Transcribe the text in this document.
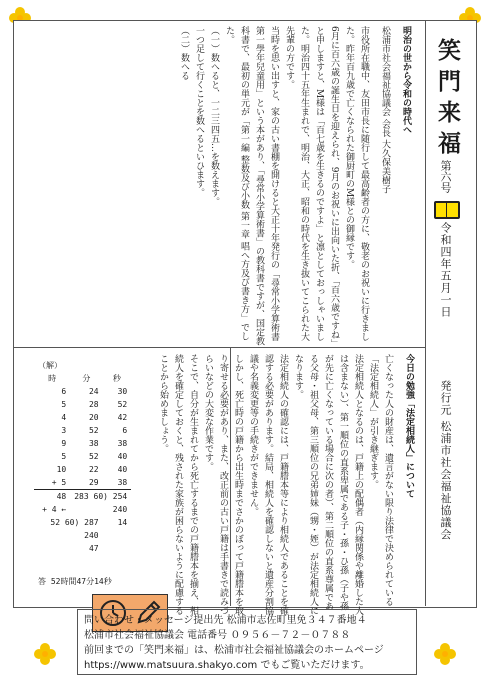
笑門来福
第六号
令和四年五月一日
発行元 松浦市社会福祉協議会

明治の世から令和の時代へ

松浦市社会福祉協議会 会長 大久保美樹子

市役所在職中、友田市長に随行して最高齢者の方に、敬老のお祝いに行きました。昨年百九歳で亡くなられた御厨町のM様との御縁です。

6月に百六歳の誕生日を迎えられ、9月のお祝いに出向いた折、「百六歳ですね」と申しますと、M様は「百七歳を生きるのですよ」と凛としておっしゃいました。明治四十五年生まれで、明治、大正、昭和の時代を生き抜いてこられた大先輩の方です。

当時を思い出すと、家の古い書棚を開けると大正十年発行の「尋常小学算術書第一學年兒童用」という本があり、「尋常小学算術書」の教科書ですが、国定教科書で、最初の単元が「第一編 整数及び小数 第一章 唱へ方及び書き方」でした。

（一）数へると、一二三四五…を数えます。

一つ足して行くことを数へるといひます。

（二）数へる

今日の勉強「法定相続人」について

亡くなった人の財産は、遺言がない限り法律で決められている「法定相続人」が引き継ぎます。

法定相続人となるのは、戸籍上の配偶者（内縁関係や離婚した人は含まない）、第一順位の直系卑属である子・孫・ひ孫（子や孫が先に亡くなっている場合に次の者）、第二順位の直系尊属である父母・祖父母、第三順位の兄弟姉妹（甥・姪）が法定相続人になります。

法定相続人の確認には、戸籍謄本等により相続人であることを確認する必要があります。結局、相続人を確認しないと遺産分割協議や名義変更等の手続きができません。

しかし、死亡時の戸籍から出生時までさかのぼって戸籍謄本を取り寄せる必要があり、また、改正前の古い戸籍は手書きで読みづらいなどの大変な作業です。

そこで、自分が生まれてから死亡するまでの戸籍謄本を揃え、相続人を確定しておくと、残された家族が困らないように配慮することから始めましょう。

（解）
時	分	秒
6	24	30
5	28	52
4	20	42
3	52	6
9	38	38
5	52	40
10	22	40
+ 5	29	38
48	283 60) 254	
+ 4 ←	240	
52 60) 287		14
240		
47		
答 52時間47分14秒
問い合わせ・メッセージ提出先 松浦市志佐町里免３４７番地４
松浦市社会福祉協議会 電話番号 ０９５６－７２－０７８８
前回までの「笑門来福」は、松浦市社会福祉協議会のホームページ
https://www.matsuura.shakyo.com でもご覧いただけます。
